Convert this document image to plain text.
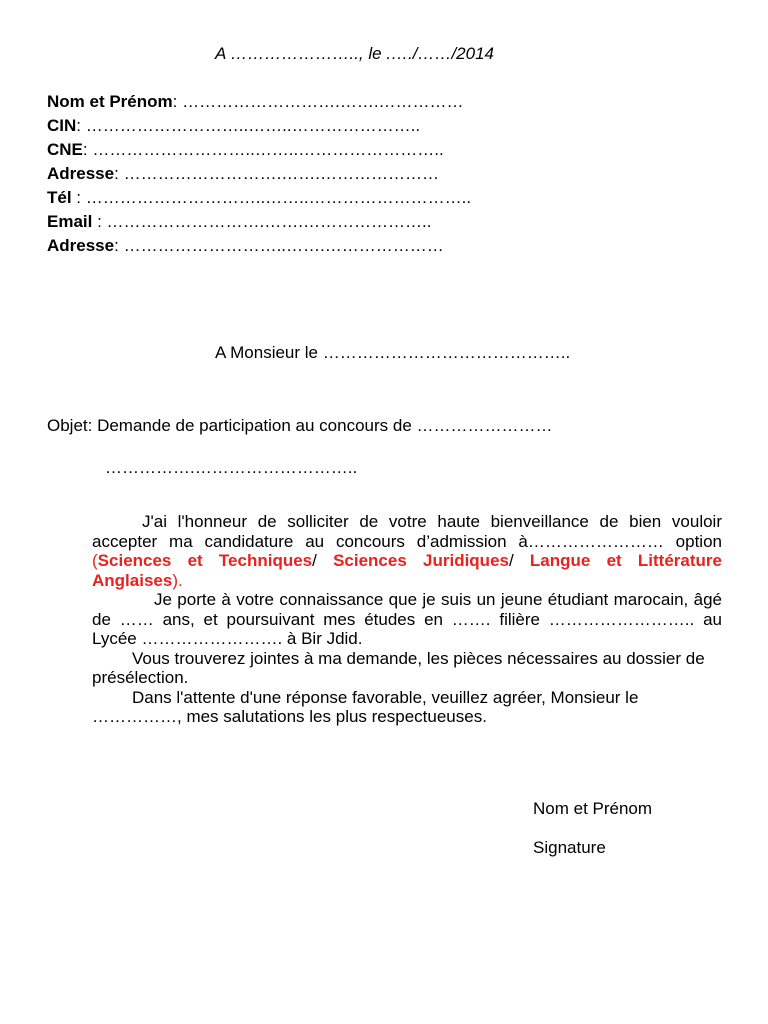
A ………………….., le .…./……/2014
Nom et Prénom: ……………………….…….……………
CIN: ………………………..……..…………………..
CNE: ………………………..……..……………………..
Adresse: ……………………….…….…………………
Tél : …………………………..……..………………………..
Email : ……………………….…….…………………..
Adresse: ………………………..…….…………………
A Monsieur le ……………………………………..
Objet: Demande de participation au concours de ……………………
…………….………………………..

J'ai l'honneur de solliciter de votre haute bienveillance de bien vouloir accepter ma candidature au concours d’admission à…………………… option (Sciences et Techniques/ Sciences Juridiques/ Langue et Littérature Anglaises).

Je porte à votre connaissance que je suis un jeune étudiant marocain, âgé de …… ans, et poursuivant mes études en ……. filière …………………….. au Lycée ……………………. à Bir Jdid.

Vous trouverez jointes à ma demande, les pièces nécessaires au dossier de présélection.

Dans l'attente d'une réponse favorable, veuillez agréer, Monsieur le ……………, mes salutations les plus respectueuses.

Nom et Prénom
Signature
